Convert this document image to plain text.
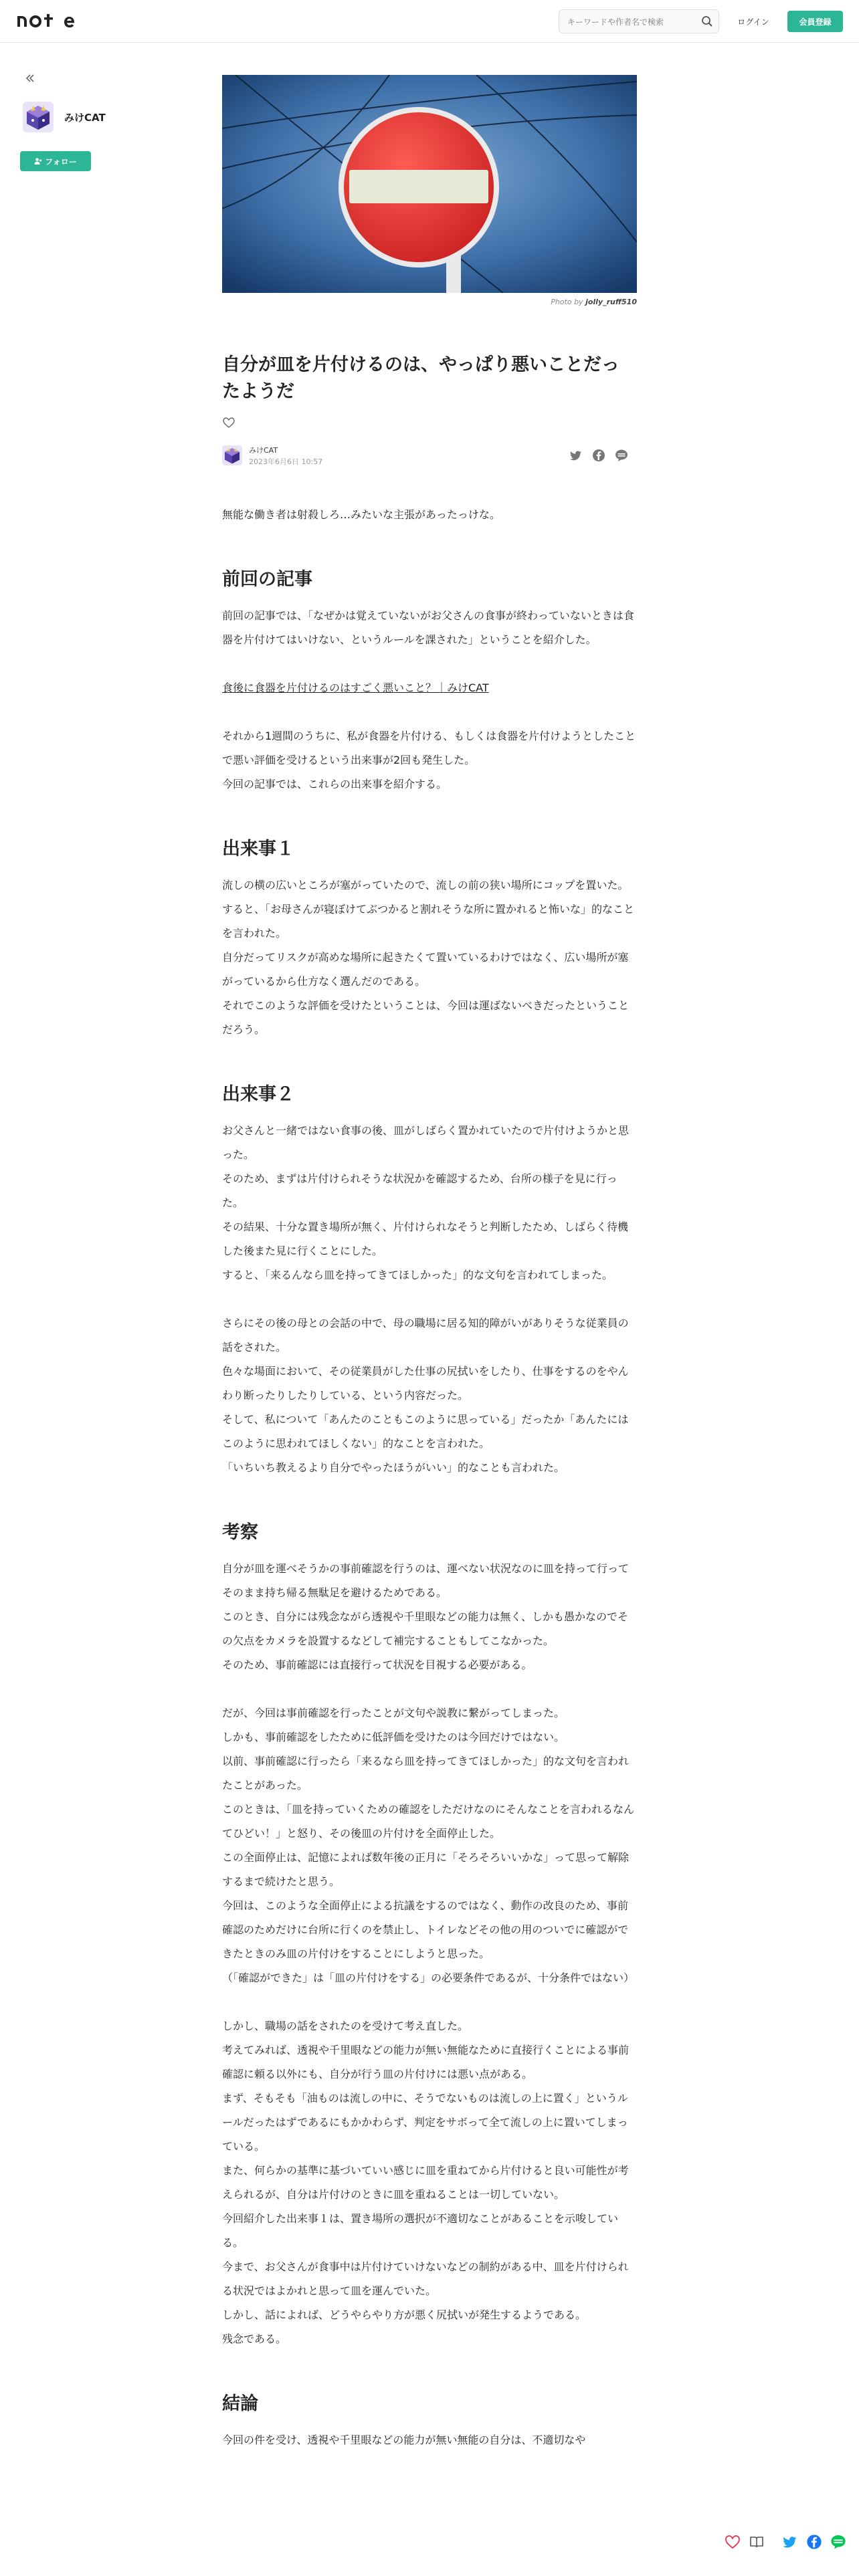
キーワードや作者名で検索
ログイン	会員登録
みけCAT
フォロー
Photo by jolly_ruff510
自分が皿を片付けるのは、やっぱり悪いことだったようだ
みけCAT
2023年6月6日 10:57

無能な働き者は射殺しろ…みたいな主張があったっけな。

前回の記事

前回の記事では、「なぜかは覚えていないがお父さんの食事が終わっていないときは食器を片付けてはいけない、というルールを課された」ということを紹介した。

食後に食器を片付けるのはすごく悪いこと？｜みけCAT

それから1週間のうちに、私が食器を片付ける、もしくは食器を片付けようとしたことで悪い評価を受けるという出来事が2回も発生した。

今回の記事では、これらの出来事を紹介する。

出来事１

流しの横の広いところが塞がっていたので、流しの前の狭い場所にコップを置いた。

すると、「お母さんが寝ぼけてぶつかると割れそうな所に置かれると怖いな」的なことを言われた。

自分だってリスクが高めな場所に起きたくて置いているわけではなく、広い場所が塞がっているから仕方なく選んだのである。

それでこのような評価を受けたということは、今回は運ばないべきだったということだろう。

出来事２

お父さんと一緒ではない食事の後、皿がしばらく置かれていたので片付けようかと思った。

そのため、まずは片付けられそうな状況かを確認するため、台所の様子を見に行った。

その結果、十分な置き場所が無く、片付けられなそうと判断したため、しばらく待機した後また見に行くことにした。

すると、「来るんなら皿を持ってきてほしかった」的な文句を言われてしまった。

さらにその後の母との会話の中で、母の職場に居る知的障がいがありそうな従業員の話をされた。

色々な場面において、その従業員がした仕事の尻拭いをしたり、仕事をするのをやんわり断ったりしたりしている、という内容だった。

そして、私について「あんたのこともこのように思っている」だったか「あんたにはこのように思われてほしくない」的なことを言われた。

「いちいち教えるより自分でやったほうがいい」的なことも言われた。

考察

自分が皿を運べそうかの事前確認を行うのは、運べない状況なのに皿を持って行ってそのまま持ち帰る無駄足を避けるためである。

このとき、自分には残念ながら透視や千里眼などの能力は無く、しかも愚かなのでその欠点をカメラを設置するなどして補完することもしてこなかった。

そのため、事前確認には直接行って状況を目視する必要がある。

だが、今回は事前確認を行ったことが文句や説教に繋がってしまった。

しかも、事前確認をしたために低評価を受けたのは今回だけではない。

以前、事前確認に行ったら「来るなら皿を持ってきてほしかった」的な文句を言われたことがあった。

このときは、「皿を持っていくための確認をしただけなのにそんなことを言われるなんてひどい！」と怒り、その後皿の片付けを全面停止した。

この全面停止は、記憶によれば数年後の正月に「そろそろいいかな」って思って解除するまで続けたと思う。

今回は、このような全面停止による抗議をするのではなく、動作の改良のため、事前確認のためだけに台所に行くのを禁止し、トイレなどその他の用のついでに確認ができたときのみ皿の片付けをすることにしようと思った。

（「確認ができた」は「皿の片付けをする」の必要条件であるが、十分条件ではない）

しかし、職場の話をされたのを受けて考え直した。

考えてみれば、透視や千里眼などの能力が無い無能なために直接行くことによる事前確認に頼る以外にも、自分が行う皿の片付けには悪い点がある。

まず、そもそも「油ものは流しの中に、そうでないものは流しの上に置く」というルールだったはずであるにもかかわらず、判定をサボって全て流しの上に置いてしまっている。

また、何らかの基準に基づいていい感じに皿を重ねてから片付けると良い可能性が考えられるが、自分は片付けのときに皿を重ねることは一切していない。

今回紹介した出来事１は、置き場所の選択が不適切なことがあることを示唆している。

今まで、お父さんが食事中は片付けていけないなどの制約がある中、皿を片付けられる状況ではよかれと思って皿を運んでいた。

しかし、話によれば、どうやらやり方が悪く尻拭いが発生するようである。

残念である。

結論

今回の件を受け、透視や千里眼などの能力が無い無能の自分は、不適切なや
